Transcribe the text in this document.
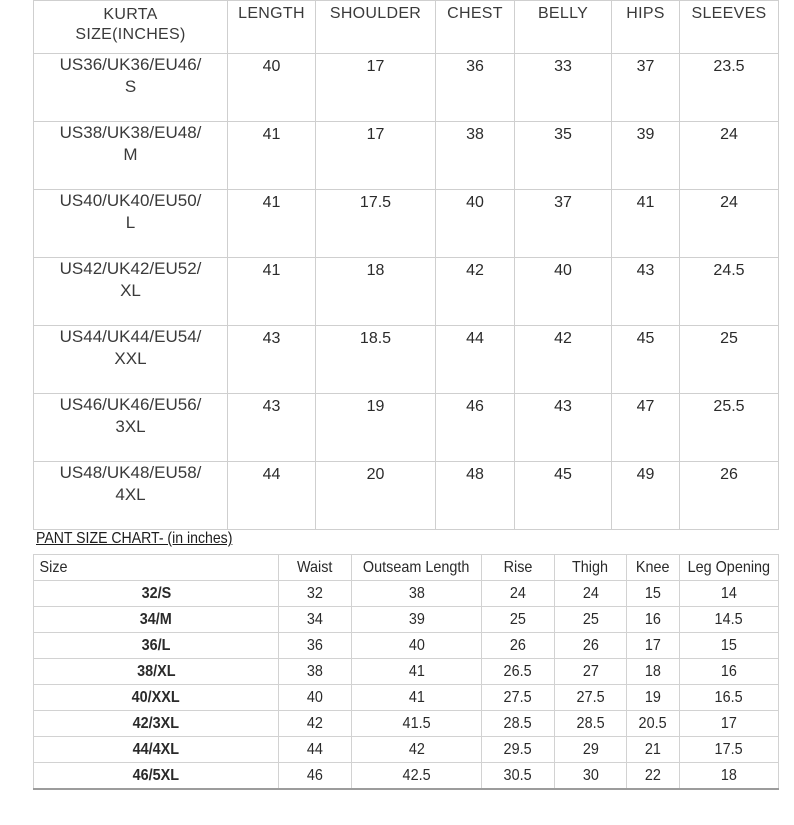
KURTA
SIZE(INCHES)	LENGTH	SHOULDER	CHEST	BELLY	HIPS	SLEEVES

US36/UK36/EU46/
S	40	17	36	33	37	23.5

US38/UK38/EU48/
M	41	17	38	35	39	24

US40/UK40/EU50/
L	41	17.5	40	37	41	24

US42/UK42/EU52/
XL	41	18	42	40	43	24.5

US44/UK44/EU54/
XXL	43	18.5	44	42	45	25

US46/UK46/EU56/
3XL	43	19	46	43	47	25.5

US48/UK48/EU58/
4XL	44	20	48	45	49	26
PANT SIZE CHART- (in inches)
Size	Waist	Outseam Length	Rise	Thigh	Knee	Leg Opening
32/S	32	38	24	24	15	14
34/M	34	39	25	25	16	14.5
36/L	36	40	26	26	17	15
38/XL	38	41	26.5	27	18	16
40/XXL	40	41	27.5	27.5	19	16.5
42/3XL	42	41.5	28.5	28.5	20.5	17
44/4XL	44	42	29.5	29	21	17.5
46/5XL	46	42.5	30.5	30	22	18
